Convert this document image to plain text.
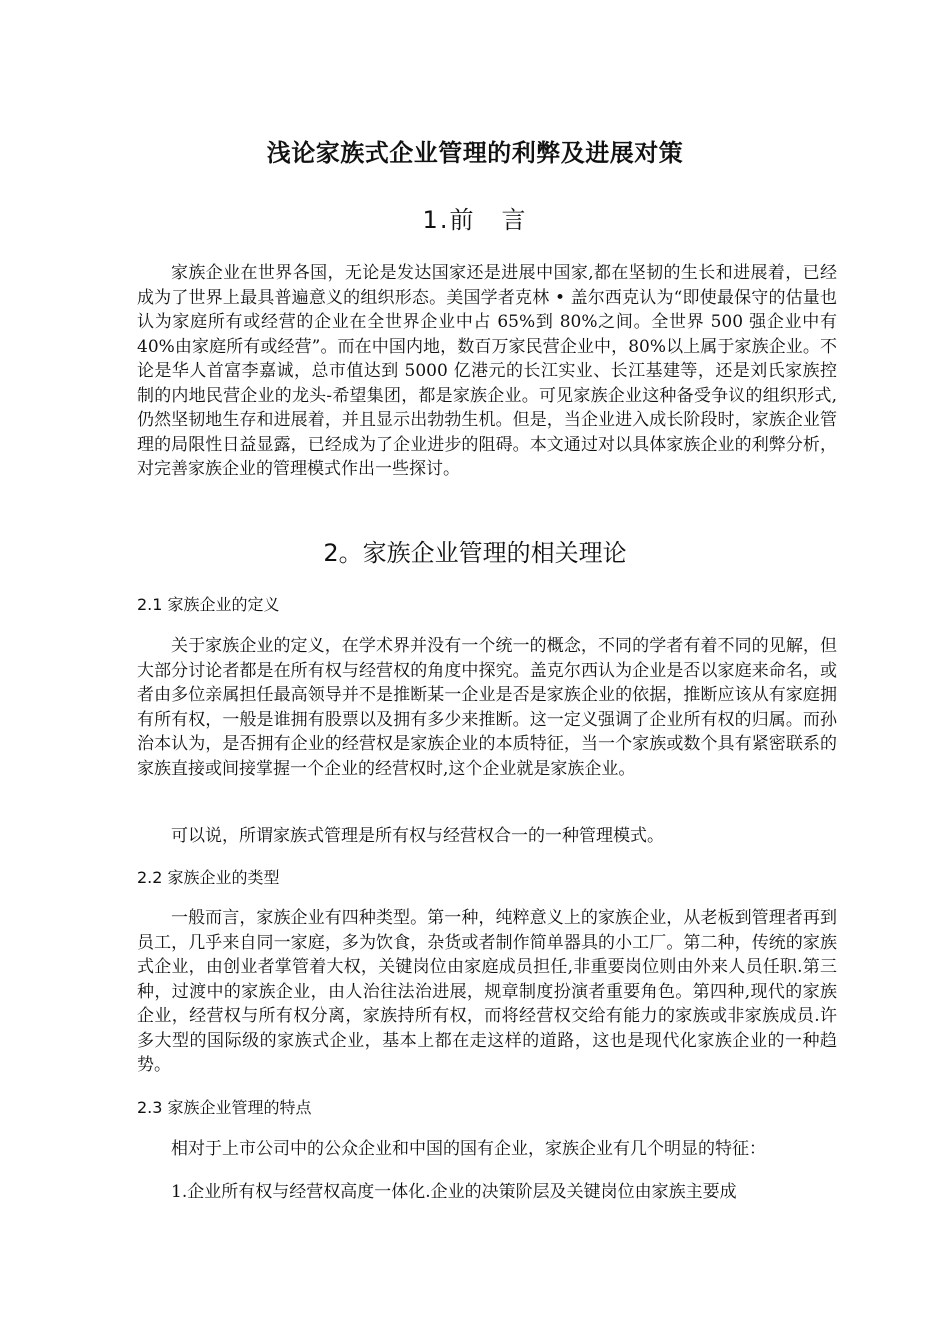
浅论家族式企业管理的利弊及进展对策
1.前 言

家族企业在世界各国，无论是发达国家还是进展中国家,都在坚韧的生长和进展着，已经成为了世界上最具普遍意义的组织形态。美国学者克林 • 盖尔西克认为“即使最保守的估量也认为家庭所有或经营的企业在全世界企业中占 65%到 80%之间。全世界 500 强企业中有 40%由家庭所有或经营”。而在中国内地，数百万家民营企业中，80%以上属于家族企业。不论是华人首富李嘉诚，总市值达到 5000 亿港元的长江实业、长江基建等，还是刘氏家族控制的内地民营企业的龙头-希望集团，都是家族企业。可见家族企业这种备受争议的组织形式,仍然坚韧地生存和进展着，并且显示出勃勃生机。但是，当企业进入成长阶段时，家族企业管理的局限性日益显露，已经成为了企业进步的阻碍。本文通过对以具体家族企业的利弊分析，对完善家族企业的管理模式作出一些探讨。

2。家族企业管理的相关理论
2.1 家族企业的定义

关于家族企业的定义，在学术界并没有一个统一的概念，不同的学者有着不同的见解，但大部分讨论者都是在所有权与经营权的角度中探究。盖克尔西认为企业是否以家庭来命名，或者由多位亲属担任最高领导并不是推断某一企业是否是家族企业的依据，推断应该从有家庭拥有所有权，一般是谁拥有股票以及拥有多少来推断。这一定义强调了企业所有权的归属。而孙治本认为，是否拥有企业的经营权是家族企业的本质特征，当一个家族或数个具有紧密联系的家族直接或间接掌握一个企业的经营权时,这个企业就是家族企业。

可以说，所谓家族式管理是所有权与经营权合一的一种管理模式。

2.2 家族企业的类型

一般而言，家族企业有四种类型。第一种，纯粹意义上的家族企业，从老板到管理者再到员工，几乎来自同一家庭，多为饮食，杂货或者制作简单器具的小工厂。第二种，传统的家族式企业，由创业者掌管着大权，关键岗位由家庭成员担任,非重要岗位则由外来人员任职.第三种，过渡中的家族企业，由人治往法治进展，规章制度扮演者重要角色。第四种,现代的家族企业，经营权与所有权分离，家族持所有权，而将经营权交给有能力的家族或非家族成员.许多大型的国际级的家族式企业，基本上都在走这样的道路，这也是现代化家族企业的一种趋势。

2.3 家族企业管理的特点

相对于上市公司中的公众企业和中国的国有企业，家族企业有几个明显的特征：

1.企业所有权与经营权高度一体化.企业的决策阶层及关键岗位由家族主要成
